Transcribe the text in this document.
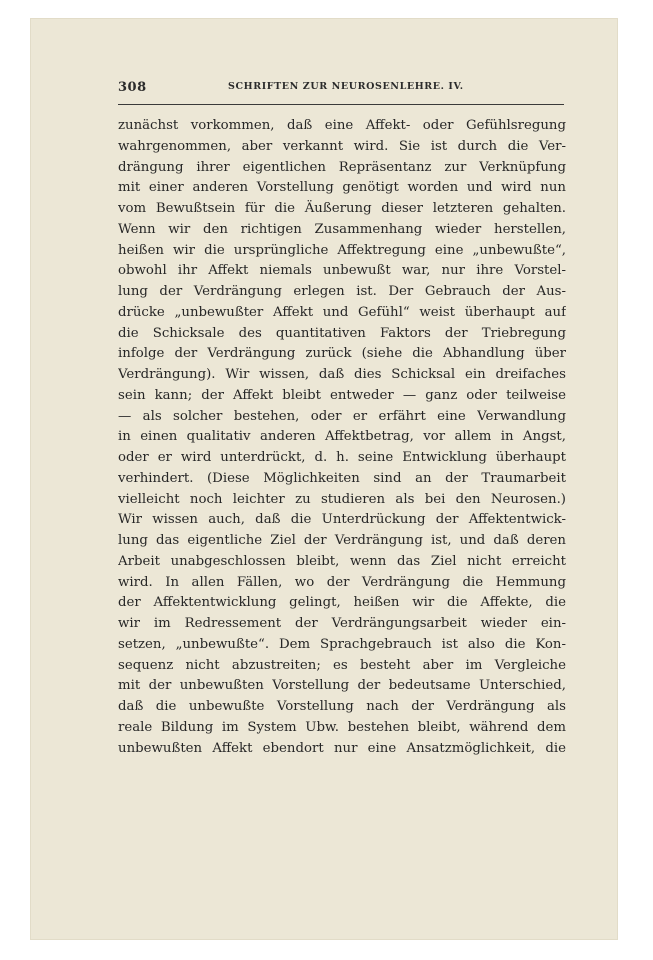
308	SCHRIFTEN ZUR NEUROSENLEHRE. IV.
zunächst vorkommen, daß eine Affekt- oder Gefühlsregung
wahrgenommen, aber verkannt wird. Sie ist durch die Ver-
drängung ihrer eigentlichen Repräsentanz zur Verknüpfung
mit einer anderen Vorstellung genötigt worden und wird nun
vom Bewußtsein für die Äußerung dieser letzteren gehalten.
Wenn wir den richtigen Zusammenhang wieder herstellen,
heißen wir die ursprüngliche Affektregung eine „unbewußte“,
obwohl ihr Affekt niemals unbewußt war, nur ihre Vorstel-
lung der Verdrängung erlegen ist. Der Gebrauch der Aus-
drücke „unbewußter Affekt und Gefühl“ weist überhaupt auf
die Schicksale des quantitativen Faktors der Triebregung
infolge der Verdrängung zurück (siehe die Abhandlung über
Verdrängung). Wir wissen, daß dies Schicksal ein dreifaches
sein kann; der Affekt bleibt entweder — ganz oder teilweise
— als solcher bestehen, oder er erfährt eine Verwandlung
in einen qualitativ anderen Affektbetrag, vor allem in Angst,
oder er wird unterdrückt, d. h. seine Entwicklung überhaupt
verhindert. (Diese Möglichkeiten sind an der Traumarbeit
vielleicht noch leichter zu studieren als bei den Neurosen.)
Wir wissen auch, daß die Unterdrückung der Affektentwick-
lung das eigentliche Ziel der Verdrängung ist, und daß deren
Arbeit unabgeschlossen bleibt, wenn das Ziel nicht erreicht
wird. In allen Fällen, wo der Verdrängung die Hemmung
der Affektentwicklung gelingt, heißen wir die Affekte, die
wir im Redressement der Verdrängungsarbeit wieder ein-
setzen, „unbewußte“. Dem Sprachgebrauch ist also die Kon-
sequenz nicht abzustreiten; es besteht aber im Vergleiche
mit der unbewußten Vorstellung der bedeutsame Unterschied,
daß die unbewußte Vorstellung nach der Verdrängung als
reale Bildung im System Ubw. bestehen bleibt, während dem
unbewußten Affekt ebendort nur eine Ansatzmöglichkeit, die
